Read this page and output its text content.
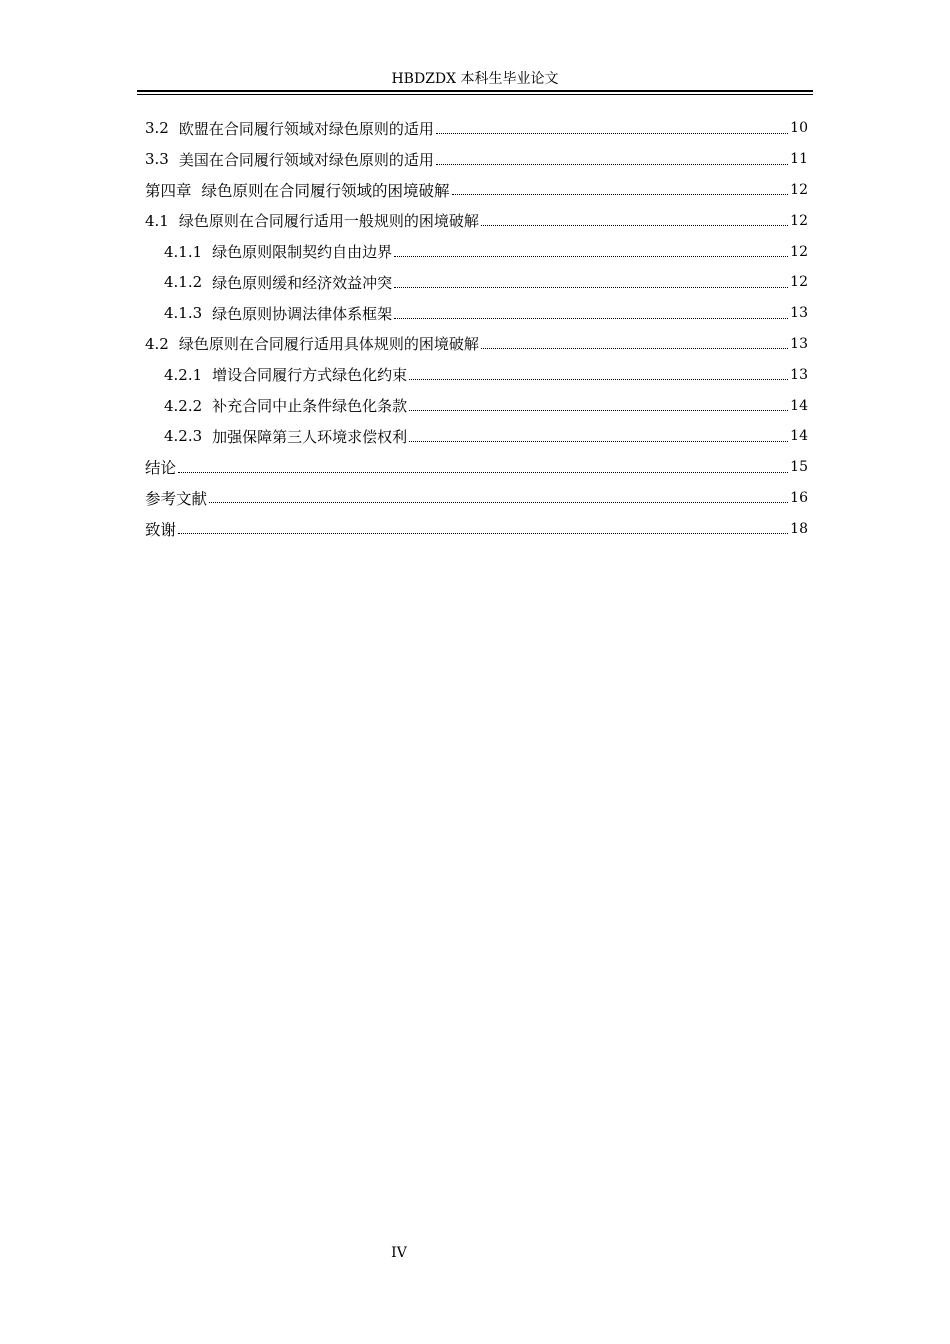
HBDZDX 本科生毕业论文
3.2 欧盟在合同履行领域对绿色原则的适用	10
3.3 美国在合同履行领域对绿色原则的适用	11
第四章 绿色原则在合同履行领域的困境破解	12
4.1 绿色原则在合同履行适用一般规则的困境破解	12
4.1.1 绿色原则限制契约自由边界	12
4.1.2 绿色原则缓和经济效益冲突	12
4.1.3 绿色原则协调法律体系框架	13
4.2 绿色原则在合同履行适用具体规则的困境破解	13
4.2.1 增设合同履行方式绿色化约束	13
4.2.2 补充合同中止条件绿色化条款	14
4.2.3 加强保障第三人环境求偿权利	14
结论	15
参考文献	16
致谢	18
IV
